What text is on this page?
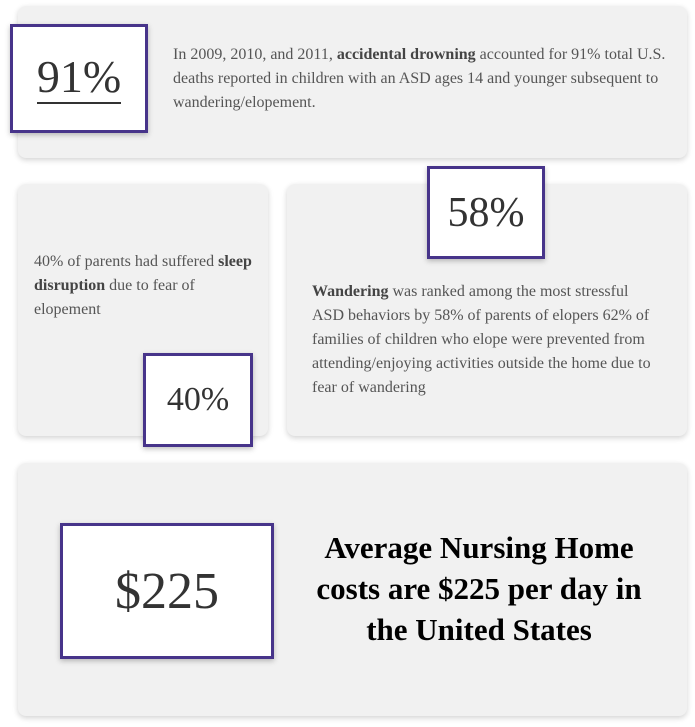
91%	In 2009, 2010, and 2011, accidental drowning accounted for 91% total U.S. deaths reported in children with an ASD ages 14 and younger subsequent to wandering/elopement.
40% of parents had suffered sleep disruption due to fear of elopement
40%
58%
Wandering was ranked among the most stressful ASD behaviors by 58% of parents of elopers 62% of families of children who elope were prevented from attending/enjoying activities outside the home due to fear of wandering
$225
Average Nursing Home costs are $225 per day in the United States
